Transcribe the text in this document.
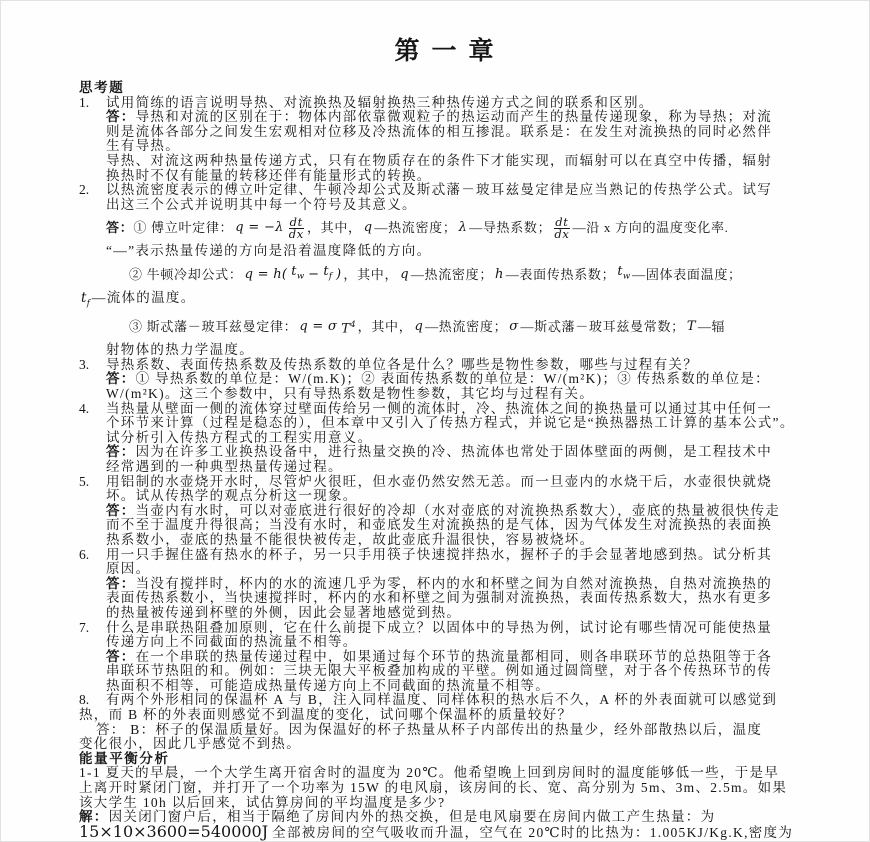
第一章
思考题
1. 试用简练的语言说明导热、对流换热及辐射换热三种热传递方式之间的联系和区别。
答：导热和对流的区别在于：物体内部依靠微观粒子的热运动而产生的热量传递现象，称为导热；对流
则是流体各部分之间发生宏观相对位移及冷热流体的相互掺混。联系是：在发生对流换热的同时必然伴
生有导热。
导热、对流这两种热量传递方式，只有在物质存在的条件下才能实现，而辐射可以在真空中传播，辐射
换热时不仅有能量的转移还伴有能量形式的转换。
2. 以热流密度表示的傅立叶定律、牛顿冷却公式及斯忒藩－玻耳兹曼定律是应当熟记的传热学公式。试写
出这三个公式并说明其中每一个符号及其意义。
答： ① 傅立叶定律： $q = -\lambda \frac{dt}{dx}$ ，其中， q —热流密度； λ —导热系数； $\frac{dt}{dx}$ —沿 x 方向的温度变化率.
“—”表示热量传递的方向是沿着温度降低的方向。
② 牛顿冷却公式： q = h( $t_w - t_f$ ) ，其中， q —热流密度； h —表面传热系数； $t_w$ —固体表面温度；
$t_f$ —流体的温度。
③ 斯忒藩－玻耳兹曼定律： q = σ $T^4$ ，其中， q —热流密度； σ —斯忒藩－玻耳兹曼常数； T —辐
射物体的热力学温度。
3. 导热系数、表面传热系数及传热系数的单位各是什么？哪些是物性参数，哪些与过程有关？
答：① 导热系数的单位是：W/(m.K)；② 表面传热系数的单位是：W/(m²K)；③ 传热系数的单位是：
W/(m²K)。这三个参数中，只有导热系数是物性参数，其它均与过程有关。
4. 当热量从壁面一侧的流体穿过壁面传给另一侧的流体时，冷、热流体之间的换热量可以通过其中任何一
个环节来计算（过程是稳态的），但本章中又引入了传热方程式，并说它是“换热器热工计算的基本公式”。
试分析引入传热方程式的工程实用意义。
答：因为在许多工业换热设备中，进行热量交换的冷、热流体也常处于固体壁面的两侧，是工程技术中
经常遇到的一种典型热量传递过程。
5. 用铝制的水壶烧开水时，尽管炉火很旺，但水壶仍然安然无恙。而一旦壶内的水烧干后，水壶很快就烧
坏。试从传热学的观点分析这一现象。
答：当壶内有水时，可以对壶底进行很好的冷却（水对壶底的对流换热系数大），壶底的热量被很快传走
而不至于温度升得很高；当没有水时，和壶底发生对流换热的是气体，因为气体发生对流换热的表面换
热系数小，壶底的热量不能很快被传走，故此壶底升温很快，容易被烧坏。
6. 用一只手握住盛有热水的杯子，另一只手用筷子快速搅拌热水，握杯子的手会显著地感到热。试分析其
原因。
答：当没有搅拌时，杯内的水的流速几乎为零，杯内的水和杯壁之间为自然对流换热，自热对流换热的
表面传热系数小，当快速搅拌时，杯内的水和杯壁之间为强制对流换热，表面传热系数大，热水有更多
的热量被传递到杯壁的外侧，因此会显著地感觉到热。
7. 什么是串联热阻叠加原则，它在什么前提下成立？以固体中的导热为例，试讨论有哪些情况可能使热量
传递方向上不同截面的热流量不相等。
答：在一个串联的热量传递过程中，如果通过每个环节的热流量都相同，则各串联环节的总热阻等于各
串联环节热阻的和。例如：三块无限大平板叠加构成的平壁。例如通过圆筒壁，对于各个传热环节的传
热面积不相等，可能造成热量传递方向上不同截面的热流量不相等。
8. 有两个外形相同的保温杯 A 与 B，注入同样温度、同样体积的热水后不久，A 杯的外表面就可以感觉到
热，而 B 杯的外表面则感觉不到温度的变化，试问哪个保温杯的质量较好？
答： B：杯子的保温质量好。因为保温好的杯子热量从杯子内部传出的热量少，经外部散热以后，温度
变化很小，因此几乎感觉不到热。
能量平衡分析
1-1 夏天的早晨，一个大学生离开宿舍时的温度为 20℃。他希望晚上回到房间时的温度能够低一些，于是早
上离开时紧闭门窗，并打开了一个功率为 15W 的电风扇，该房间的长、宽、高分别为 5m、3m、2.5m。如果
该大学生 10h 以后回来，试估算房间的平均温度是多少?
解：因关闭门窗户后，相当于隔绝了房间内外的热交换，但是电风扇要在房间内做工产生热量：为
15×10×3600=540000J 全部被房间的空气吸收而升温，空气在 20℃时的比热为：1.005KJ/Kg.K,密度为
